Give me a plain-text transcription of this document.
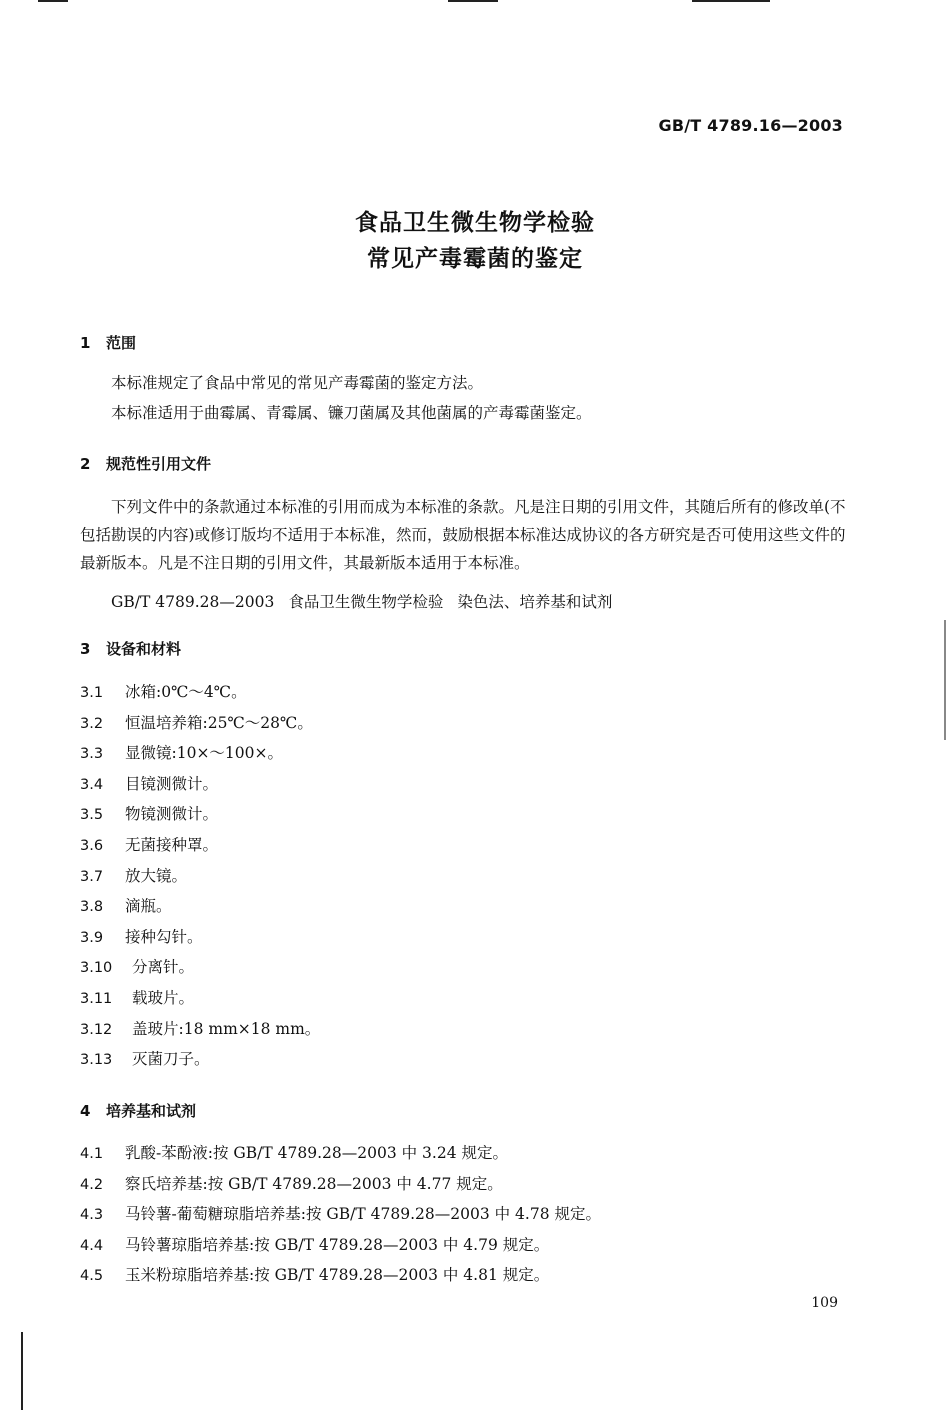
GB/T 4789.16—2003
食品卫生微生物学检验
常见产毒霉菌的鉴定
1 范围
本标准规定了食品中常见的常见产毒霉菌的鉴定方法。
本标准适用于曲霉属、青霉属、镰刀菌属及其他菌属的产毒霉菌鉴定。
2 规范性引用文件
下列文件中的条款通过本标准的引用而成为本标准的条款。凡是注日期的引用文件，其随后所有的修改单(不包括勘误的内容)或修订版均不适用于本标准，然而，鼓励根据本标准达成协议的各方研究是否可使用这些文件的最新版本。凡是不注日期的引用文件，其最新版本适用于本标准。
GB/T 4789.28—2003 食品卫生微生物学检验 染色法、培养基和试剂
3 设备和材料
3.1 冰箱:0℃～4℃。
3.2 恒温培养箱:25℃～28℃。
3.3 显微镜:10×～100×。
3.4 目镜测微计。
3.5 物镜测微计。
3.6 无菌接种罩。
3.7 放大镜。
3.8 滴瓶。
3.9 接种勾针。
3.10 分离针。
3.11 载玻片。
3.12 盖玻片:18 mm×18 mm。
3.13 灭菌刀子。
4 培养基和试剂
4.1 乳酸-苯酚液:按 GB/T 4789.28—2003 中 3.24 规定。
4.2 察氏培养基:按 GB/T 4789.28—2003 中 4.77 规定。
4.3 马铃薯-葡萄糖琼脂培养基:按 GB/T 4789.28—2003 中 4.78 规定。
4.4 马铃薯琼脂培养基:按 GB/T 4789.28—2003 中 4.79 规定。
4.5 玉米粉琼脂培养基:按 GB/T 4789.28—2003 中 4.81 规定。
109
